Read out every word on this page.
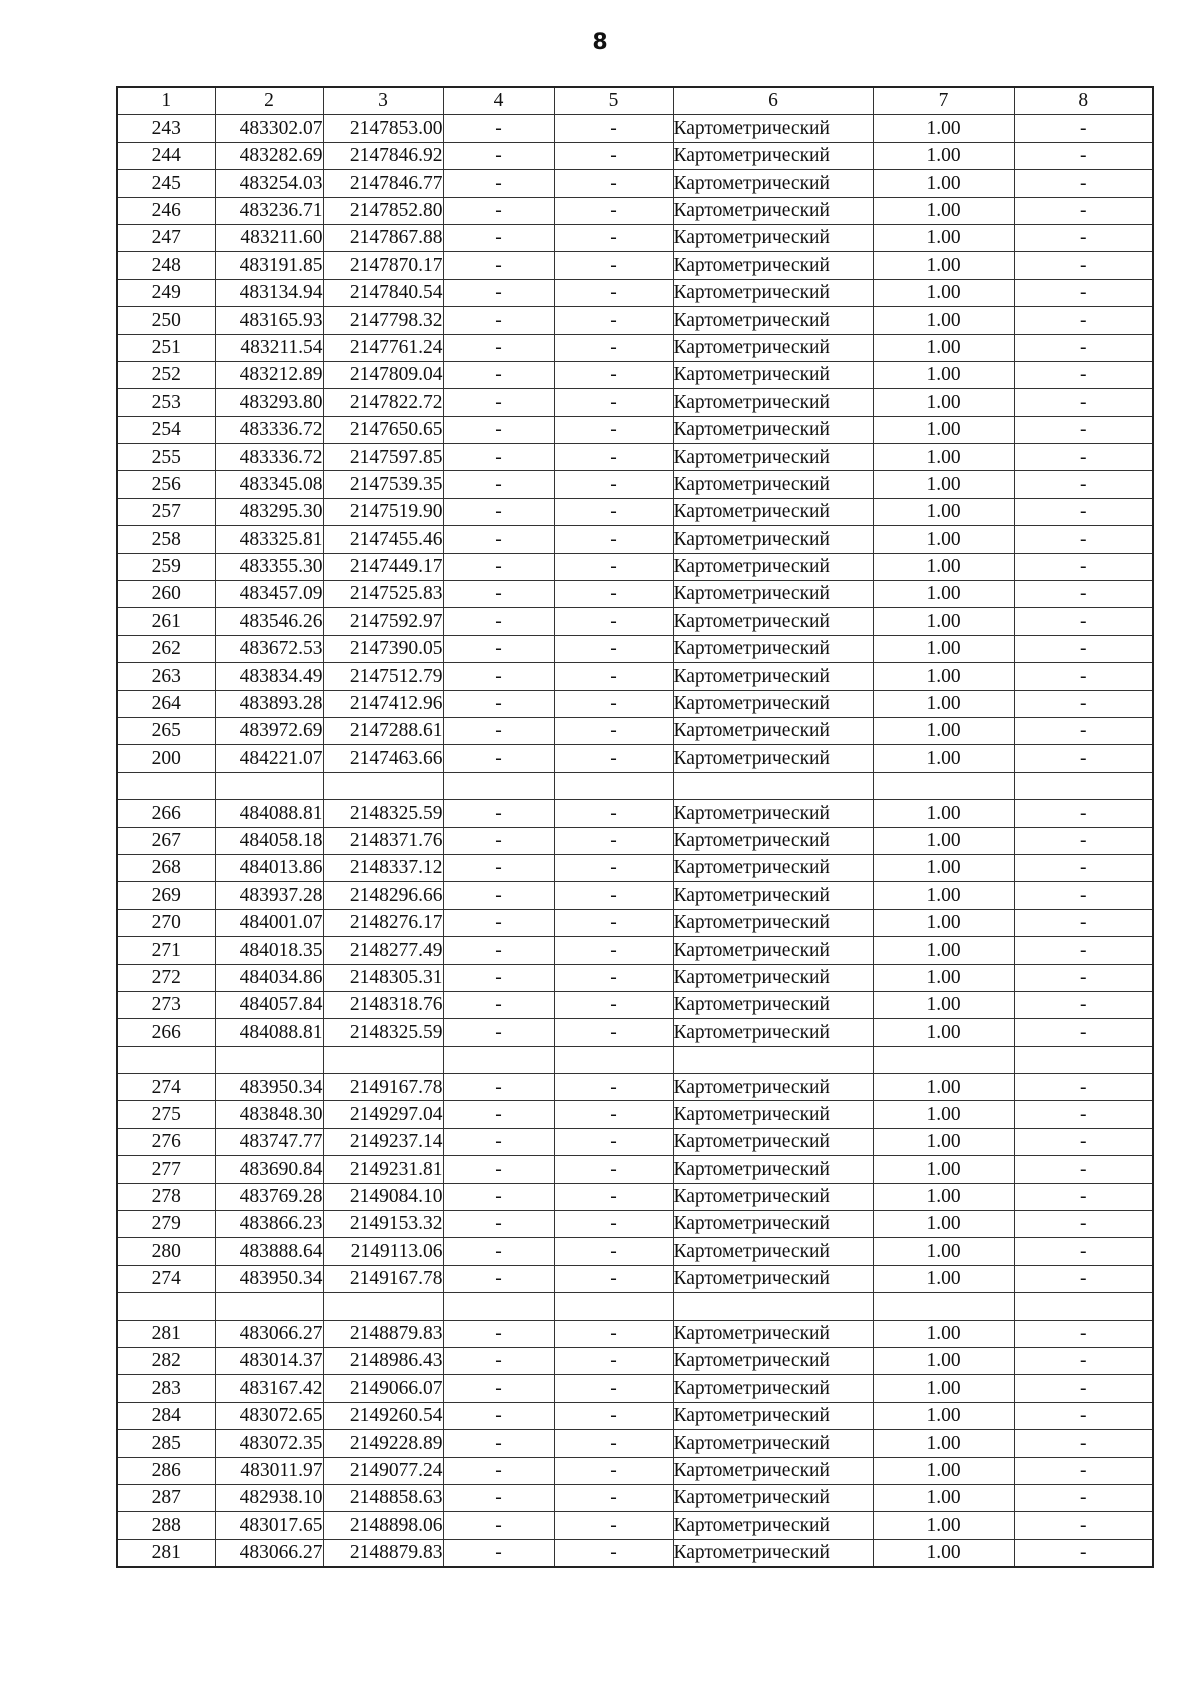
8
1	2	3	4	5	6	7	8
243	483302.07	2147853.00	-	-	Картометрический	1.00	-
244	483282.69	2147846.92	-	-	Картометрический	1.00	-
245	483254.03	2147846.77	-	-	Картометрический	1.00	-
246	483236.71	2147852.80	-	-	Картометрический	1.00	-
247	483211.60	2147867.88	-	-	Картометрический	1.00	-
248	483191.85	2147870.17	-	-	Картометрический	1.00	-
249	483134.94	2147840.54	-	-	Картометрический	1.00	-
250	483165.93	2147798.32	-	-	Картометрический	1.00	-
251	483211.54	2147761.24	-	-	Картометрический	1.00	-
252	483212.89	2147809.04	-	-	Картометрический	1.00	-
253	483293.80	2147822.72	-	-	Картометрический	1.00	-
254	483336.72	2147650.65	-	-	Картометрический	1.00	-
255	483336.72	2147597.85	-	-	Картометрический	1.00	-
256	483345.08	2147539.35	-	-	Картометрический	1.00	-
257	483295.30	2147519.90	-	-	Картометрический	1.00	-
258	483325.81	2147455.46	-	-	Картометрический	1.00	-
259	483355.30	2147449.17	-	-	Картометрический	1.00	-
260	483457.09	2147525.83	-	-	Картометрический	1.00	-
261	483546.26	2147592.97	-	-	Картометрический	1.00	-
262	483672.53	2147390.05	-	-	Картометрический	1.00	-
263	483834.49	2147512.79	-	-	Картометрический	1.00	-
264	483893.28	2147412.96	-	-	Картометрический	1.00	-
265	483972.69	2147288.61	-	-	Картометрический	1.00	-
200	484221.07	2147463.66	-	-	Картометрический	1.00	-

266	484088.81	2148325.59	-	-	Картометрический	1.00	-
267	484058.18	2148371.76	-	-	Картометрический	1.00	-
268	484013.86	2148337.12	-	-	Картометрический	1.00	-
269	483937.28	2148296.66	-	-	Картометрический	1.00	-
270	484001.07	2148276.17	-	-	Картометрический	1.00	-
271	484018.35	2148277.49	-	-	Картометрический	1.00	-
272	484034.86	2148305.31	-	-	Картометрический	1.00	-
273	484057.84	2148318.76	-	-	Картометрический	1.00	-
266	484088.81	2148325.59	-	-	Картометрический	1.00	-

274	483950.34	2149167.78	-	-	Картометрический	1.00	-
275	483848.30	2149297.04	-	-	Картометрический	1.00	-
276	483747.77	2149237.14	-	-	Картометрический	1.00	-
277	483690.84	2149231.81	-	-	Картометрический	1.00	-
278	483769.28	2149084.10	-	-	Картометрический	1.00	-
279	483866.23	2149153.32	-	-	Картометрический	1.00	-
280	483888.64	2149113.06	-	-	Картометрический	1.00	-
274	483950.34	2149167.78	-	-	Картометрический	1.00	-

281	483066.27	2148879.83	-	-	Картометрический	1.00	-
282	483014.37	2148986.43	-	-	Картометрический	1.00	-
283	483167.42	2149066.07	-	-	Картометрический	1.00	-
284	483072.65	2149260.54	-	-	Картометрический	1.00	-
285	483072.35	2149228.89	-	-	Картометрический	1.00	-
286	483011.97	2149077.24	-	-	Картометрический	1.00	-
287	482938.10	2148858.63	-	-	Картометрический	1.00	-
288	483017.65	2148898.06	-	-	Картометрический	1.00	-
281	483066.27	2148879.83	-	-	Картометрический	1.00	-
